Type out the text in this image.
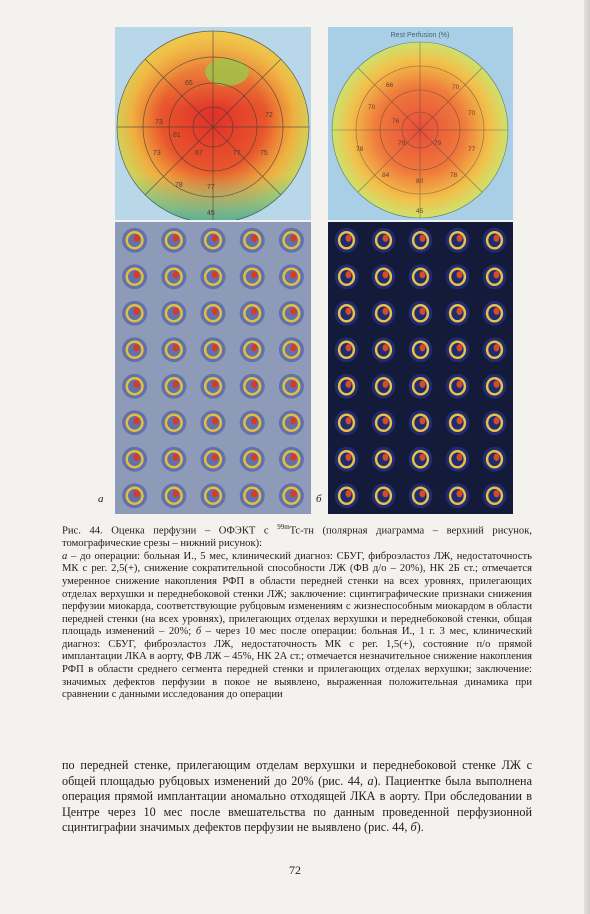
65
73
72
73
81
67	77	75
78	77
45
Rest Perfusion (%)
66
70
70
76
70
78
79	79
77
84
80
78
45
а	б

Рис. 44. Оценка перфузии – ОФЭКТ с $^{99m}$Tc-тн (полярная диаграмма – верхний рисунок, томографические срезы – нижний рисунок):

а – до операции: больная И., 5 мес, клинический диагноз: СБУГ, фиброэластоз ЛЖ, недостаточность МК с рег. 2,5(+), снижение сократительной способности ЛЖ (ФВ д/о – 20%), НК 2Б ст.; отмечается умеренное снижение накопления РФП в области передней стенки на всех уровнях, прилегающих отделах верхушки и переднебоковой стенки ЛЖ; заключение: сцинтиграфические признаки снижения перфузии миокарда, соответствующие рубцовым изменениям с жизнеспособным миокардом в области передней стенки (на всех уровнях), прилегающих отделах верхушки и переднебоковой стенки, общая площадь изменений – 20%; б – через 10 мес после операции: больная И., 1 г. 3 мес, клинический диагноз: СБУГ, фиброэластоз ЛЖ, недостаточность МК с рег. 1,5(+), состояние п/о прямой имплантации ЛКА в аорту, ФВ ЛЖ – 45%, НК 2А ст.; отмечается незначительное снижение накопления РФП в области среднего сегмента передней стенки и прилегающих отделах верхушки; заключение: значимых дефектов перфузии в покое не выявлено, выраженная положительная динамика при сравнении с данными исследования до операции

по передней стенке, прилегающим отделам верхушки и переднебоковой стенке ЛЖ с общей площадью рубцовых изменений до 20% (рис. 44, а). Пациентке была выполнена операция прямой имплантации аномально отходящей ЛКА в аорту. При обследовании в Центре через 10 мес после вмешательства по данным проведенной перфузионной сцинтиграфии значимых дефектов перфузии не выявлено (рис. 44, б).

72
